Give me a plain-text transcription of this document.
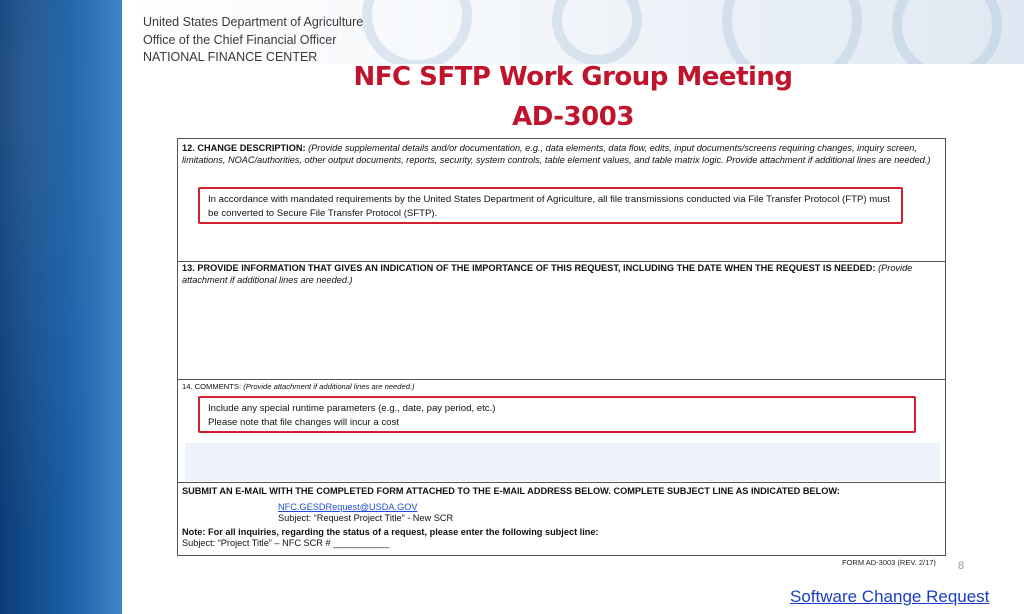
United States Department of Agriculture
Office of the Chief Financial Officer
NATIONAL FINANCE CENTER
NFC SFTP Work Group Meeting
AD-3003
12. CHANGE DESCRIPTION: (Provide supplemental details and/or documentation, e.g., data elements, data flow, edits, input documents/screens requiring changes, inquiry screen, limitations, NOAC/authorities, other output documents, reports, security, system controls, table element values, and table matrix logic. Provide attachment if additional lines are needed.)
13. PROVIDE INFORMATION THAT GIVES AN INDICATION OF THE IMPORTANCE OF THIS REQUEST, INCLUDING THE DATE WHEN THE REQUEST IS NEEDED: (Provide attachment if additional lines are needed.)
14. COMMENTS: (Provide attachment if additional lines are needed.)
SUBMIT AN E-MAIL WITH THE COMPLETED FORM ATTACHED TO THE E-MAIL ADDRESS BELOW. COMPLETE SUBJECT LINE AS INDICATED BELOW:
NFC.GESDRequest@USDA.GOV
Subject: “Request Project Title” - New SCR
Note: For all inquiries, regarding the status of a request, please enter the following subject line:
Subject: “Project Title” – NFC SCR # ___________
In accordance with mandated requirements by the United States Department of Agriculture, all file transmissions conducted via File Transfer Protocol (FTP) must be converted to Secure File Transfer Protocol (SFTP).
Include any special runtime parameters (e.g., date, pay period, etc.)
Please note that file changes will incur a cost
FORM AD-3003 (REV. 2/17) 8
Software Change Request
